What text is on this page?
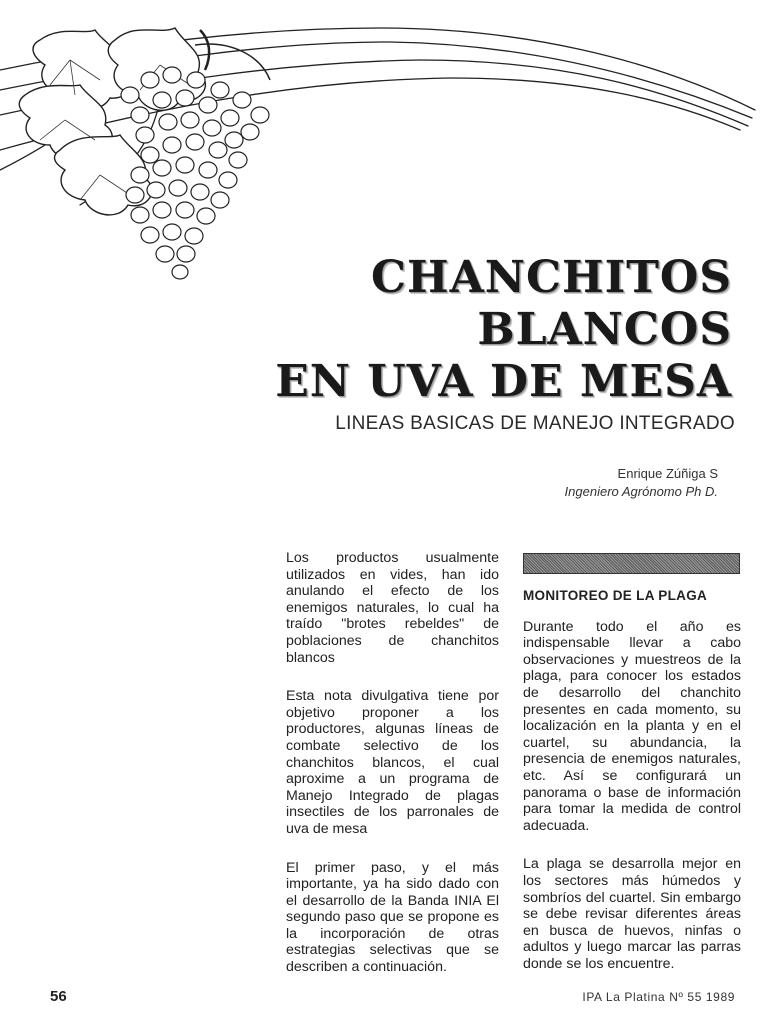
CHANCHITOS
BLANCOS
EN UVA DE MESA
LINEAS BASICAS DE MANEJO INTEGRADO
Enrique Zúñiga S
Ingeniero Agrónomo Ph D.

Los productos usualmente utilizados en vides, han ido anulando el efecto de los enemigos naturales, lo cual ha traído "brotes rebeldes" de poblaciones de chanchitos blancos

Esta nota divulgativa tiene por objetivo proponer a los productores, algunas líneas de combate selectivo de los chanchitos blancos, el cual aproxime a un programa de Manejo Integrado de plagas insectiles de los parronales de uva de mesa

El primer paso, y el más importante, ya ha sido dado con el desarrollo de la Banda INIA El segundo paso que se propone es la incorporación de otras estrategias selectivas que se describen a continuación.

MONITOREO DE LA PLAGA

Durante todo el año es indispensable llevar a cabo observaciones y muestreos de la plaga, para conocer los estados de desarrollo del chanchito presentes en cada momento, su localización en la planta y en el cuartel, su abundancia, la presencia de enemigos naturales, etc. Así se configurará un panorama o base de información para tomar la medida de control adecuada.

La plaga se desarrolla mejor en los sectores más húmedos y sombríos del cuartel. Sin embargo se debe revisar diferentes áreas en busca de huevos, ninfas o adultos y luego marcar las parras donde se los encuentre.

56	IPA La Platina Nº 55 1989
